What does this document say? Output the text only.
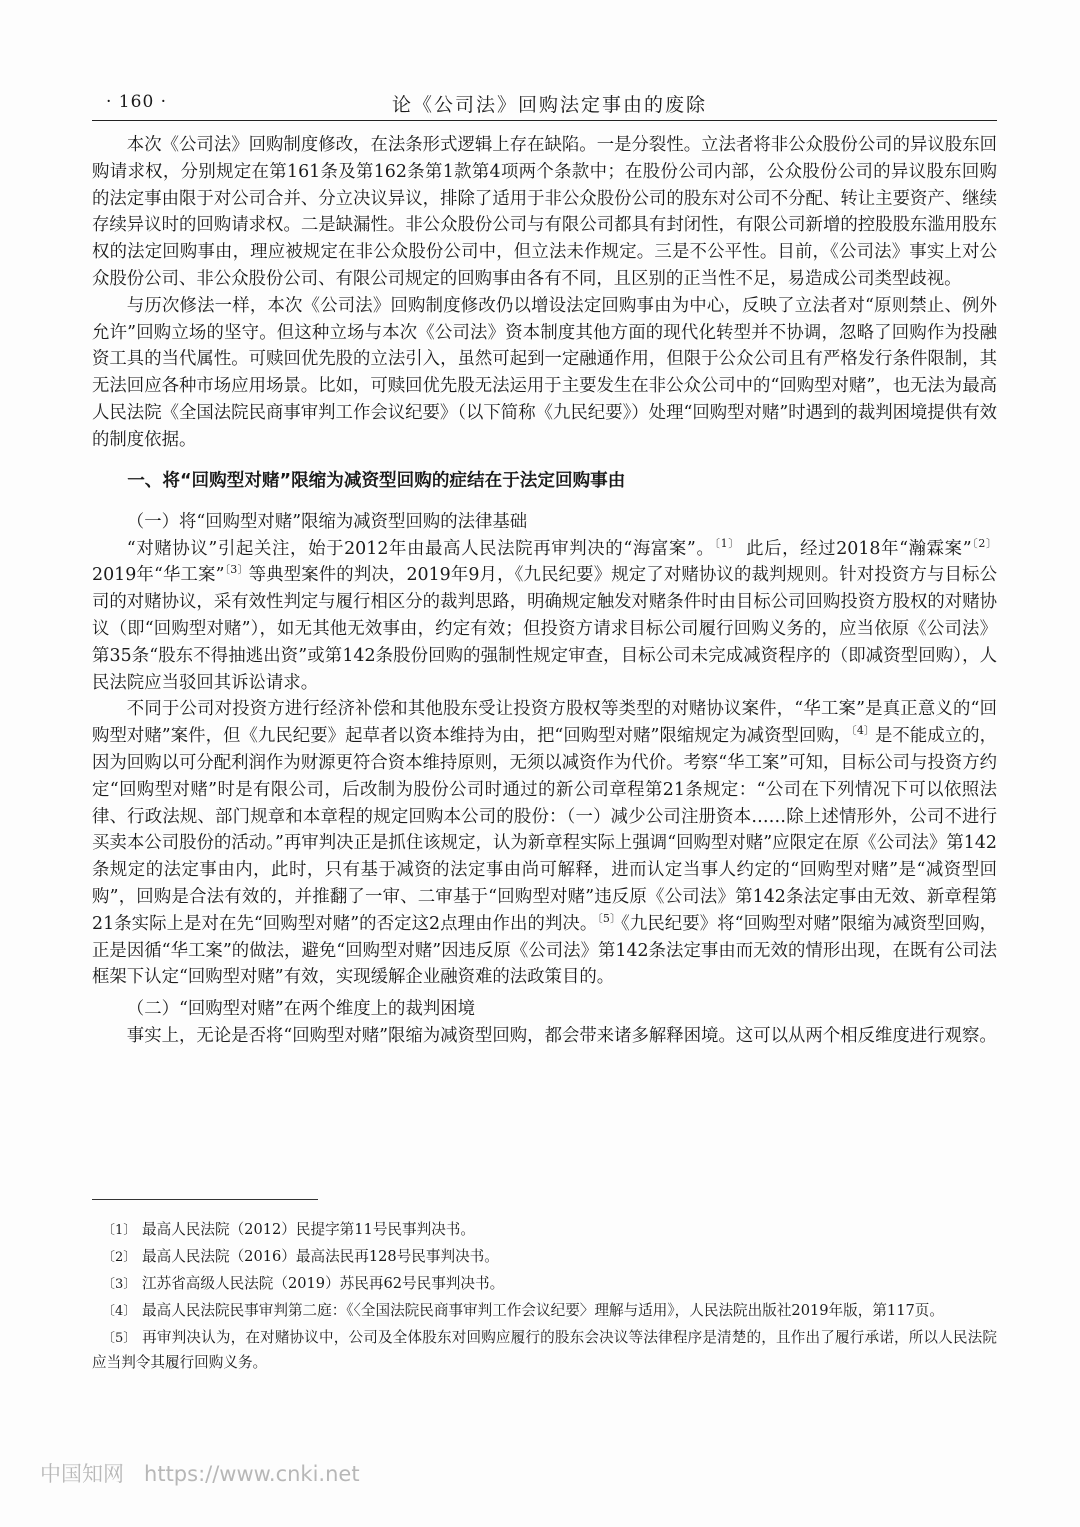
· 160 ·	论《公司法》回购法定事由的废除

本次《公司法》回购制度修改，在法条形式逻辑上存在缺陷。一是分裂性。立法者将非公众股份公司的异议股东回购请求权，分别规定在第161条及第162条第1款第4项两个条款中；在股份公司内部，公众股份公司的异议股东回购的法定事由限于对公司合并、分立决议异议，排除了适用于非公众股份公司的股东对公司不分配、转让主要资产、继续存续异议时的回购请求权。二是缺漏性。非公众股份公司与有限公司都具有封闭性，有限公司新增的控股股东滥用股东权的法定回购事由，理应被规定在非公众股份公司中，但立法未作规定。三是不公平性。目前，《公司法》事实上对公众股份公司、非公众股份公司、有限公司规定的回购事由各有不同，且区别的正当性不足，易造成公司类型歧视。

与历次修法一样，本次《公司法》回购制度修改仍以增设法定回购事由为中心，反映了立法者对“原则禁止、例外允许”回购立场的坚守。但这种立场与本次《公司法》资本制度其他方面的现代化转型并不协调，忽略了回购作为投融资工具的当代属性。可赎回优先股的立法引入，虽然可起到一定融通作用，但限于公众公司且有严格发行条件限制，其无法回应各种市场应用场景。比如，可赎回优先股无法运用于主要发生在非公众公司中的“回购型对赌”，也无法为最高人民法院《全国法院民商事审判工作会议纪要》（以下简称《九民纪要》）处理“回购型对赌”时遇到的裁判困境提供有效的制度依据。

一、将“回购型对赌”限缩为减资型回购的症结在于法定回购事由
（一）将“回购型对赌”限缩为减资型回购的法律基础

“对赌协议”引起关注，始于2012年由最高人民法院再审判决的“海富案”。$^{〔1〕}$ 此后，经过2018年“瀚霖案”$^{〔2〕}$2019年“华工案”$^{〔3〕}$等典型案件的判决，2019年9月，《九民纪要》规定了对赌协议的裁判规则。针对投资方与目标公司的对赌协议，采有效性判定与履行相区分的裁判思路，明确规定触发对赌条件时由目标公司回购投资方股权的对赌协议（即“回购型对赌”），如无其他无效事由，约定有效；但投资方请求目标公司履行回购义务的，应当依原《公司法》第35条“股东不得抽逃出资”或第142条股份回购的强制性规定审查，目标公司未完成减资程序的（即减资型回购），人民法院应当驳回其诉讼请求。

不同于公司对投资方进行经济补偿和其他股东受让投资方股权等类型的对赌协议案件，“华工案”是真正意义的“回购型对赌”案件，但《九民纪要》起草者以资本维持为由，把“回购型对赌”限缩规定为减资型回购，$^{〔4〕}$是不能成立的，因为回购以可分配利润作为财源更符合资本维持原则，无须以减资作为代价。考察“华工案”可知，目标公司与投资方约定“回购型对赌”时是有限公司，后改制为股份公司时通过的新公司章程第21条规定：“公司在下列情况下可以依照法律、行政法规、部门规章和本章程的规定回购本公司的股份：（一）减少公司注册资本……除上述情形外，公司不进行买卖本公司股份的活动。”再审判决正是抓住该规定，认为新章程实际上强调“回购型对赌”应限定在原《公司法》第142条规定的法定事由内，此时，只有基于减资的法定事由尚可解释，进而认定当事人约定的“回购型对赌”是“减资型回购”，回购是合法有效的，并推翻了一审、二审基于“回购型对赌”违反原《公司法》第142条法定事由无效、新章程第21条实际上是对在先“回购型对赌”的否定这2点理由作出的判决。$^{〔5〕}$《九民纪要》将“回购型对赌”限缩为减资型回购，正是因循“华工案”的做法，避免“回购型对赌”因违反原《公司法》第142条法定事由而无效的情形出现，在既有公司法框架下认定“回购型对赌”有效，实现缓解企业融资难的法政策目的。

（二）“回购型对赌”在两个维度上的裁判困境

事实上，无论是否将“回购型对赌”限缩为减资型回购，都会带来诸多解释困境。这可以从两个相反维度进行观察。

〔1〕 最高人民法院（2012）民提字第11号民事判决书。

〔2〕 最高人民法院（2016）最高法民再128号民事判决书。

〔3〕 江苏省高级人民法院（2019）苏民再62号民事判决书。

〔4〕 最高人民法院民事审判第二庭：《〈全国法院民商事审判工作会议纪要〉理解与适用》，人民法院出版社2019年版，第117页。

〔5〕 再审判决认为，在对赌协议中，公司及全体股东对回购应履行的股东会决议等法律程序是清楚的，且作出了履行承诺，所以人民法院应当判令其履行回购义务。

中国知网   https://www.cnki.net
